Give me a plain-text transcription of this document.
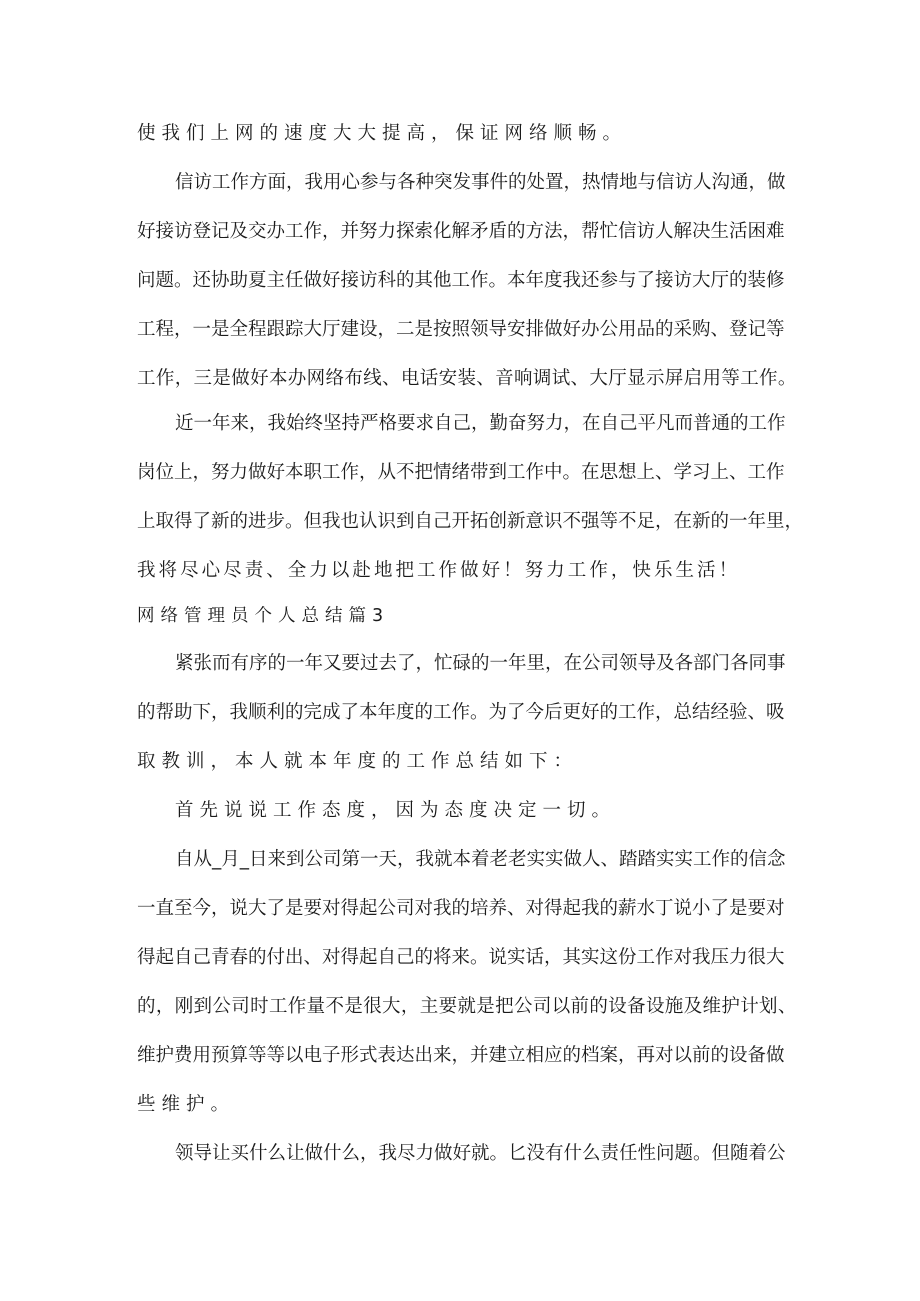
使我们上网的速度大大提高，保证网络顺畅。

信访工作方面，我用心参与各种突发事件的处置，热情地与信访人沟通，做

好接访登记及交办工作，并努力探索化解矛盾的方法，帮忙信访人解决生活困难

问题。还协助夏主任做好接访科的其他工作。本年度我还参与了接访大厅的装修

工程，一是全程跟踪大厅建设，二是按照领导安排做好办公用品的采购、登记等

工作，三是做好本办网络布线、电话安装、音响调试、大厅显示屏启用等工作。

近一年来，我始终坚持严格要求自己，勤奋努力，在自己平凡而普通的工作

岗位上，努力做好本职工作，从不把情绪带到工作中。在思想上、学习上、工作

上取得了新的进步。但我也认识到自己开拓创新意识不强等不足，在新的一年里，

我将尽心尽责、全力以赴地把工作做好！努力工作，快乐生活！

网络管理员个人总结篇3

紧张而有序的一年又要过去了，忙碌的一年里，在公司领导及各部门各同事

的帮助下，我顺利的完成了本年度的工作。为了今后更好的工作，总结经验、吸

取教训，本人就本年度的工作总结如下：

首先说说工作态度，因为态度决定一切。

自从_月_日来到公司第一天，我就本着老老实实做人、踏踏实实工作的信念

一直至今，说大了是要对得起公司对我的培养、对得起我的薪水丁说小了是要对

得起自己青春的付出、对得起自己的将来。说实话，其实这份工作对我压力很大

的，刚到公司时工作量不是很大，主要就是把公司以前的设备设施及维护计划、

维护费用预算等等以电子形式表达出来，并建立相应的档案，再对以前的设备做

些维护。

领导让买什么让做什么，我尽力做好就。匕没有什么责任性问题。但随着公
